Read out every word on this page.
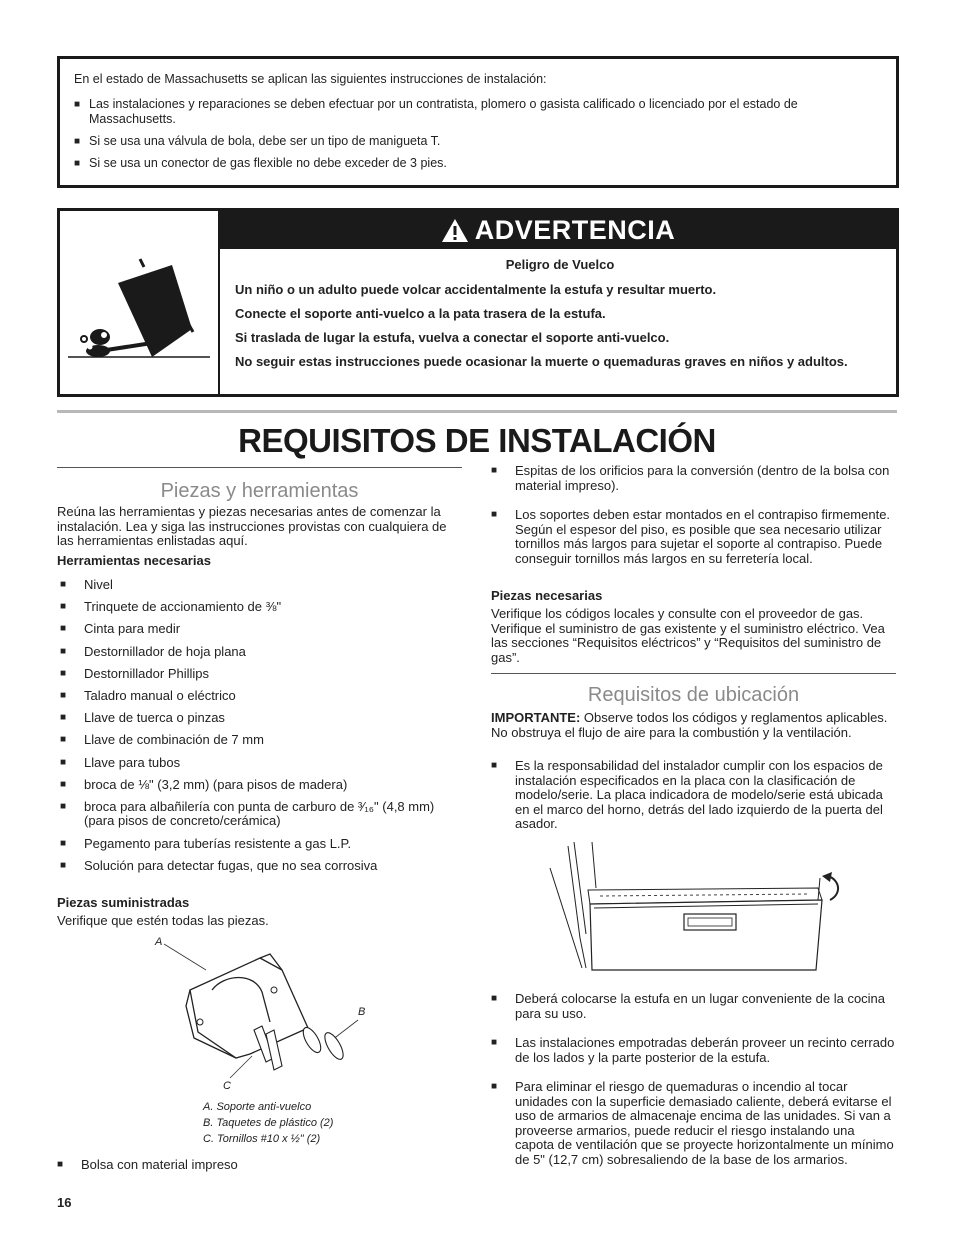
En el estado de Massachusetts se aplican las siguientes instrucciones de instalación:
■ Las instalaciones y reparaciones se deben efectuar por un contratista, plomero o gasista calificado o licenciado por el estado de Massachusetts.
■ Si se usa una válvula de bola, debe ser un tipo de manigueta T.
■ Si se usa un conector de gas flexible no debe exceder de 3 pies.
ADVERTENCIA

Peligro de Vuelco

Un niño o un adulto puede volcar accidentalmente la estufa y resultar muerto.

Conecte el soporte anti-vuelco a la pata trasera de la estufa.

Si traslada de lugar la estufa, vuelva a conectar el soporte anti-vuelco.

No seguir estas instrucciones puede ocasionar la muerte o quemaduras graves en niños y adultos.

REQUISITOS DE INSTALACIÓN
Piezas y herramientas
Reúna las herramientas y piezas necesarias antes de comenzar la instalación. Lea y siga las instrucciones provistas con cualquiera de las herramientas enlistadas aquí.
Herramientas necesarias
■ Nivel
■ Trinquete de accionamiento de ⅜"
■ Cinta para medir
■ Destornillador de hoja plana
■ Destornillador Phillips
■ Taladro manual o eléctrico
■ Llave de tuerca o pinzas
■ Llave de combinación de 7 mm
■ Llave para tubos
■ broca de ⅛" (3,2 mm) (para pisos de madera)
■ broca para albañilería con punta de carburo de ³⁄₁₆" (4,8 mm) (para pisos de concreto/cerámica)
■ Pegamento para tuberías resistente a gas L.P.
■ Solución para detectar fugas, que no sea corrosiva
Piezas suministradas
Verifique que estén todas las piezas.
A
B
C
A. Soporte anti-vuelco
B. Taquetes de plástico (2)
C. Tornillos #10 x ½" (2)
■ Bolsa con material impreso
■ Espitas de los orificios para la conversión (dentro de la bolsa con material impreso).
■ Los soportes deben estar montados en el contrapiso firmemente. Según el espesor del piso, es posible que sea necesario utilizar tornillos más largos para sujetar el soporte al contrapiso. Puede conseguir tornillos más largos en su ferretería local.
Piezas necesarias
Verifique los códigos locales y consulte con el proveedor de gas. Verifique el suministro de gas existente y el suministro eléctrico. Vea las secciones “Requisitos eléctricos” y “Requisitos del suministro de gas”.
Requisitos de ubicación
IMPORTANTE: Observe todos los códigos y reglamentos aplicables. No obstruya el flujo de aire para la combustión y la ventilación.
■ Es la responsabilidad del instalador cumplir con los espacios de instalación especificados en la placa con la clasificación de modelo/serie. La placa indicadora de modelo/serie está ubicada en el marco del horno, detrás del lado izquierdo de la puerta del asador.
■ Deberá colocarse la estufa en un lugar conveniente de la cocina para su uso.
■ Las instalaciones empotradas deberán proveer un recinto cerrado de los lados y la parte posterior de la estufa.
■ Para eliminar el riesgo de quemaduras o incendio al tocar unidades con la superficie demasiado caliente, deberá evitarse el uso de armarios de almacenaje encima de las unidades. Si van a proveerse armarios, puede reducir el riesgo instalando una capota de ventilación que se proyecte horizontalmente un mínimo de 5" (12,7 cm) sobresaliendo de la base de los armarios.
16
